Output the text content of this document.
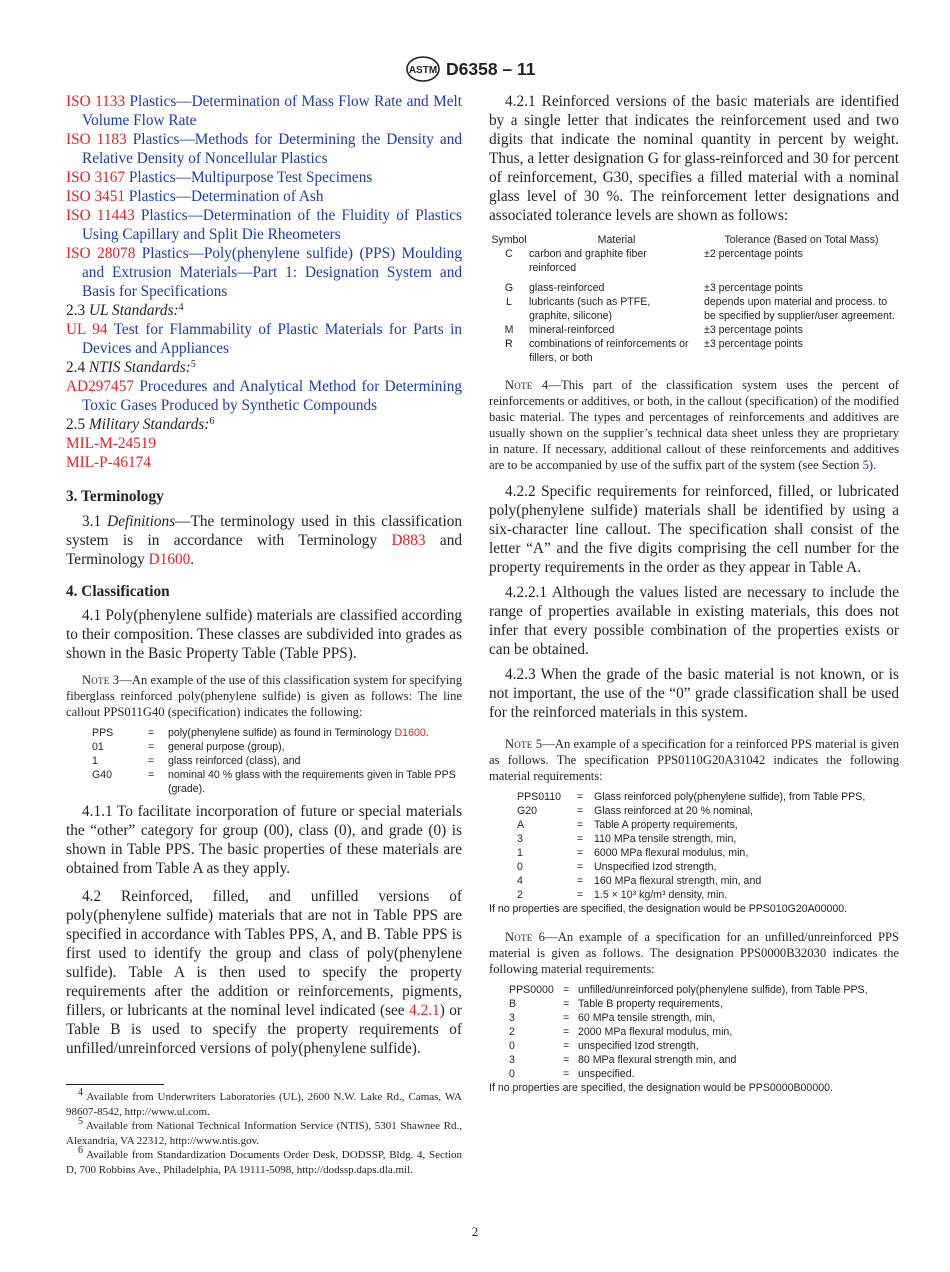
ASTM D6358 – 11
ISO 1133 Plastics—Determination of Mass Flow Rate and Melt Volume Flow Rate
ISO 1183 Plastics—Methods for Determining the Density and Relative Density of Noncellular Plastics
ISO 3167 Plastics—Multipurpose Test Specimens
ISO 3451 Plastics—Determination of Ash
ISO 11443 Plastics—Determination of the Fluidity of Plastics Using Capillary and Split Die Rheometers
ISO 28078 Plastics—Poly(phenylene sulfide) (PPS) Moulding and Extrusion Materials—Part 1: Designation System and Basis for Specifications
2.3 UL Standards:$^4$
UL 94 Test for Flammability of Plastic Materials for Parts in Devices and Appliances
2.4 NTIS Standards:$^5$
AD297457 Procedures and Analytical Method for Determining Toxic Gases Produced by Synthetic Compounds
2.5 Military Standards:$^6$
MIL-M-24519
MIL-P-46174
3. Terminology

3.1 Definitions—The terminology used in this classification system is in accordance with Terminology D883 and Terminology D1600.

4. Classification

4.1 Poly(phenylene sulfide) materials are classified according to their composition. These classes are subdivided into grades as shown in the Basic Property Table (Table PPS).

Note 3—An example of the use of this classification system for specifying fiberglass reinforced poly(phenylene sulfide) is given as follows: The line callout PPS011G40 (specification) indicates the following:

PPS	=	poly(phenylene sulfide) as found in Terminology D1600.
01	=	general purpose (group),
1	=	glass reinforced (class), and
G40	=	nominal 40 % glass with the requirements given in Table PPS (grade).

4.1.1 To facilitate incorporation of future or special materials the “other” category for group (00), class (0), and grade (0) is shown in Table PPS. The basic properties of these materials are obtained from Table A as they apply.

4.2 Reinforced, filled, and unfilled versions of poly(phenylene sulfide) materials that are not in Table PPS are specified in accordance with Tables PPS, A, and B. Table PPS is first used to identify the group and class of poly(phenylene sulfide). Table A is then used to specify the property requirements after the addition or reinforcements, pigments, fillers, or lubricants at the nominal level indicated (see 4.2.1) or Table B is used to specify the property requirements of unfilled/unreinforced versions of poly(phenylene sulfide).

$^4$ Available from Underwriters Laboratories (UL), 2600 N.W. Lake Rd., Camas, WA 98607-8542, http://www.ul.com.

$^5$ Available from National Technical Information Service (NTIS), 5301 Shawnee Rd., Alexandria, VA 22312, http://www.ntis.gov.

$^6$ Available from Standardization Documents Order Desk, DODSSP, Bldg. 4, Section D, 700 Robbins Ave., Philadelphia, PA 19111-5098, http://dodssp.daps.dla.mil.

4.2.1 Reinforced versions of the basic materials are identified by a single letter that indicates the reinforcement used and two digits that indicate the nominal quantity in percent by weight. Thus, a letter designation G for glass-reinforced and 30 for percent of reinforcement, G30, specifies a filled material with a nominal glass level of 30 %. The reinforcement letter designations and associated tolerance levels are shown as follows:

Symbol	Material	Tolerance (Based on Total Mass)
C	carbon and graphite fiber reinforced	±2 percentage points
G	glass-reinforced	±3 percentage points
L	lubricants (such as PTFE, graphite, silicone)	depends upon material and process. to be specified by supplier/user agreement.
M	mineral-reinforced	±3 percentage points
R	combinations of reinforcements or fillers, or both	±3 percentage points

Note 4—This part of the classification system uses the percent of reinforcements or additives, or both, in the callout (specification) of the modified basic material. The types and percentages of reinforcements and additives are usually shown on the supplier’s technical data sheet unless they are proprietary in nature. If necessary, additional callout of these reinforcements and additives are to be accompanied by use of the suffix part of the system (see Section 5).

4.2.2 Specific requirements for reinforced, filled, or lubricated poly(phenylene sulfide) materials shall be identified by using a six-character line callout. The specification shall consist of the letter “A” and the five digits comprising the cell number for the property requirements in the order as they appear in Table A.

4.2.2.1 Although the values listed are necessary to include the range of properties available in existing materials, this does not infer that every possible combination of the properties exists or can be obtained.

4.2.3 When the grade of the basic material is not known, or is not important, the use of the “0” grade classification shall be used for the reinforced materials in this system.

Note 5—An example of a specification for a reinforced PPS material is given as follows. The specification PPS0110G20A31042 indicates the following material requirements:

PPS0110	=	Glass reinforced poly(phenylene sulfide), from Table PPS,
G20	=	Glass reinforced at 20 % nominal,
A	=	Table A property requirements,
3	=	110 MPa tensile strength, min,
1	=	6000 MPa flexural modulus, min,
0	=	Unspecified Izod strength,
4	=	160 MPa flexural strength, min, and
2	=	1.5 × 10³ kg/m³ density, min.
If no properties are specified, the designation would be PPS010G20A00000.

Note 6—An example of a specification for an unfilled/unreinforced PPS material is given as follows. The designation PPS0000B32030 indicates the following material requirements:

PPS0000	=	unfilled/unreinforced poly(phenylene sulfide), from Table PPS,
B	=	Table B property requirements,
3	=	60 MPa tensile strength, min,
2	=	2000 MPa flexural modulus, min,
0	=	unspecified Izod strength,
3	=	80 MPa flexural strength min, and
0	=	unspecified.
If no properties are specified, the designation would be PPS0000B00000.
2
